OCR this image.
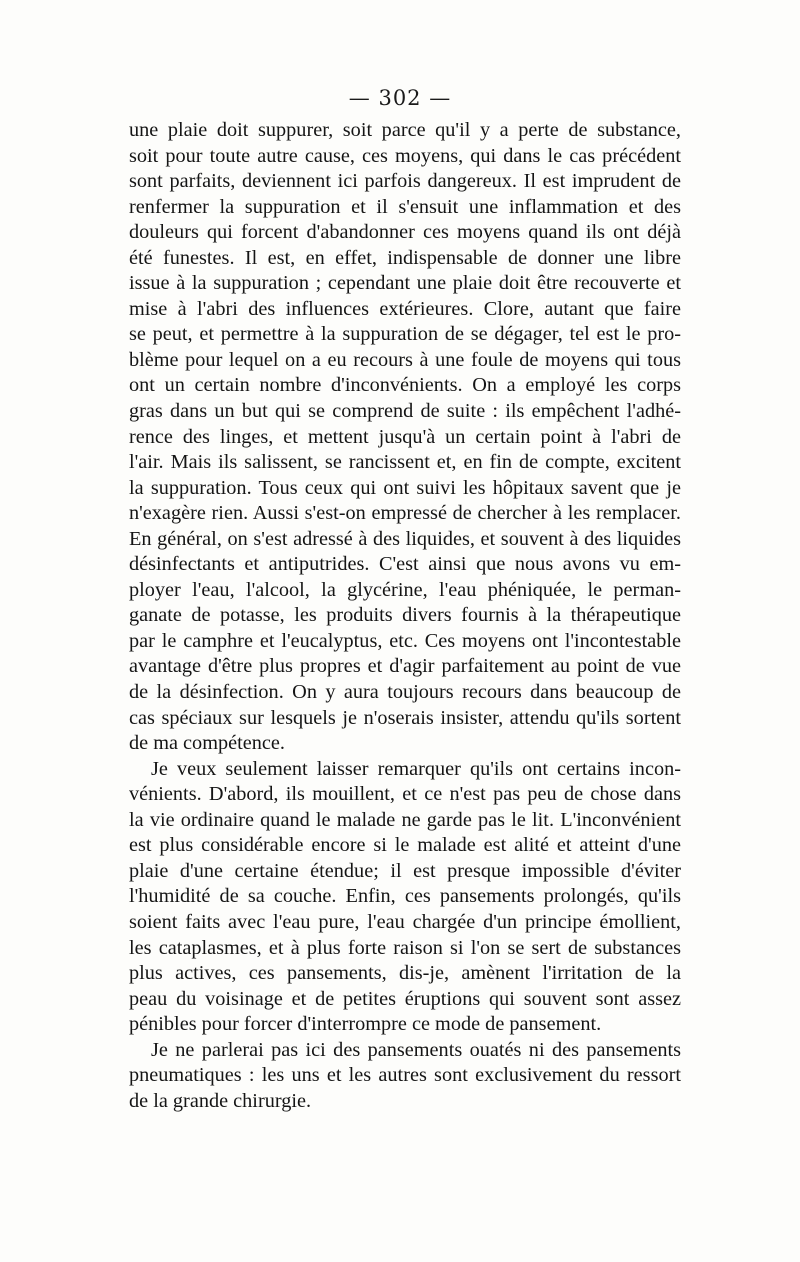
— 302 —
une plaie doit suppurer, soit parce qu'il y a perte de substance,
soit pour toute autre cause, ces moyens, qui dans le cas précédent
sont parfaits, deviennent ici parfois dangereux. Il est imprudent de
renfermer la suppuration et il s'ensuit une inflammation et des
douleurs qui forcent d'abandonner ces moyens quand ils ont déjà
été funestes. Il est, en effet, indispensable de donner une libre
issue à la suppuration ; cependant une plaie doit être recouverte et
mise à l'abri des influences extérieures. Clore, autant que faire
se peut, et permettre à la suppuration de se dégager, tel est le pro-
blème pour lequel on a eu recours à une foule de moyens qui tous
ont un certain nombre d'inconvénients. On a employé les corps
gras dans un but qui se comprend de suite : ils empêchent l'adhé-
rence des linges, et mettent jusqu'à un certain point à l'abri de
l'air. Mais ils salissent, se rancissent et, en fin de compte, excitent
la suppuration. Tous ceux qui ont suivi les hôpitaux savent que je
n'exagère rien. Aussi s'est-on empressé de chercher à les remplacer.
En général, on s'est adressé à des liquides, et souvent à des liquides
désinfectants et antiputrides. C'est ainsi que nous avons vu em-
ployer l'eau, l'alcool, la glycérine, l'eau phéniquée, le perman-
ganate de potasse, les produits divers fournis à la thérapeutique
par le camphre et l'eucalyptus, etc. Ces moyens ont l'incontestable
avantage d'être plus propres et d'agir parfaitement au point de vue
de la désinfection. On y aura toujours recours dans beaucoup de
cas spéciaux sur lesquels je n'oserais insister, attendu qu'ils sortent
de ma compétence.
Je veux seulement laisser remarquer qu'ils ont certains incon-
vénients. D'abord, ils mouillent, et ce n'est pas peu de chose dans
la vie ordinaire quand le malade ne garde pas le lit. L'inconvénient
est plus considérable encore si le malade est alité et atteint d'une
plaie d'une certaine étendue; il est presque impossible d'éviter
l'humidité de sa couche. Enfin, ces pansements prolongés, qu'ils
soient faits avec l'eau pure, l'eau chargée d'un principe émollient,
les cataplasmes, et à plus forte raison si l'on se sert de substances
plus actives, ces pansements, dis-je, amènent l'irritation de la
peau du voisinage et de petites éruptions qui souvent sont assez
pénibles pour forcer d'interrompre ce mode de pansement.
Je ne parlerai pas ici des pansements ouatés ni des pansements
pneumatiques : les uns et les autres sont exclusivement du ressort
de la grande chirurgie.
